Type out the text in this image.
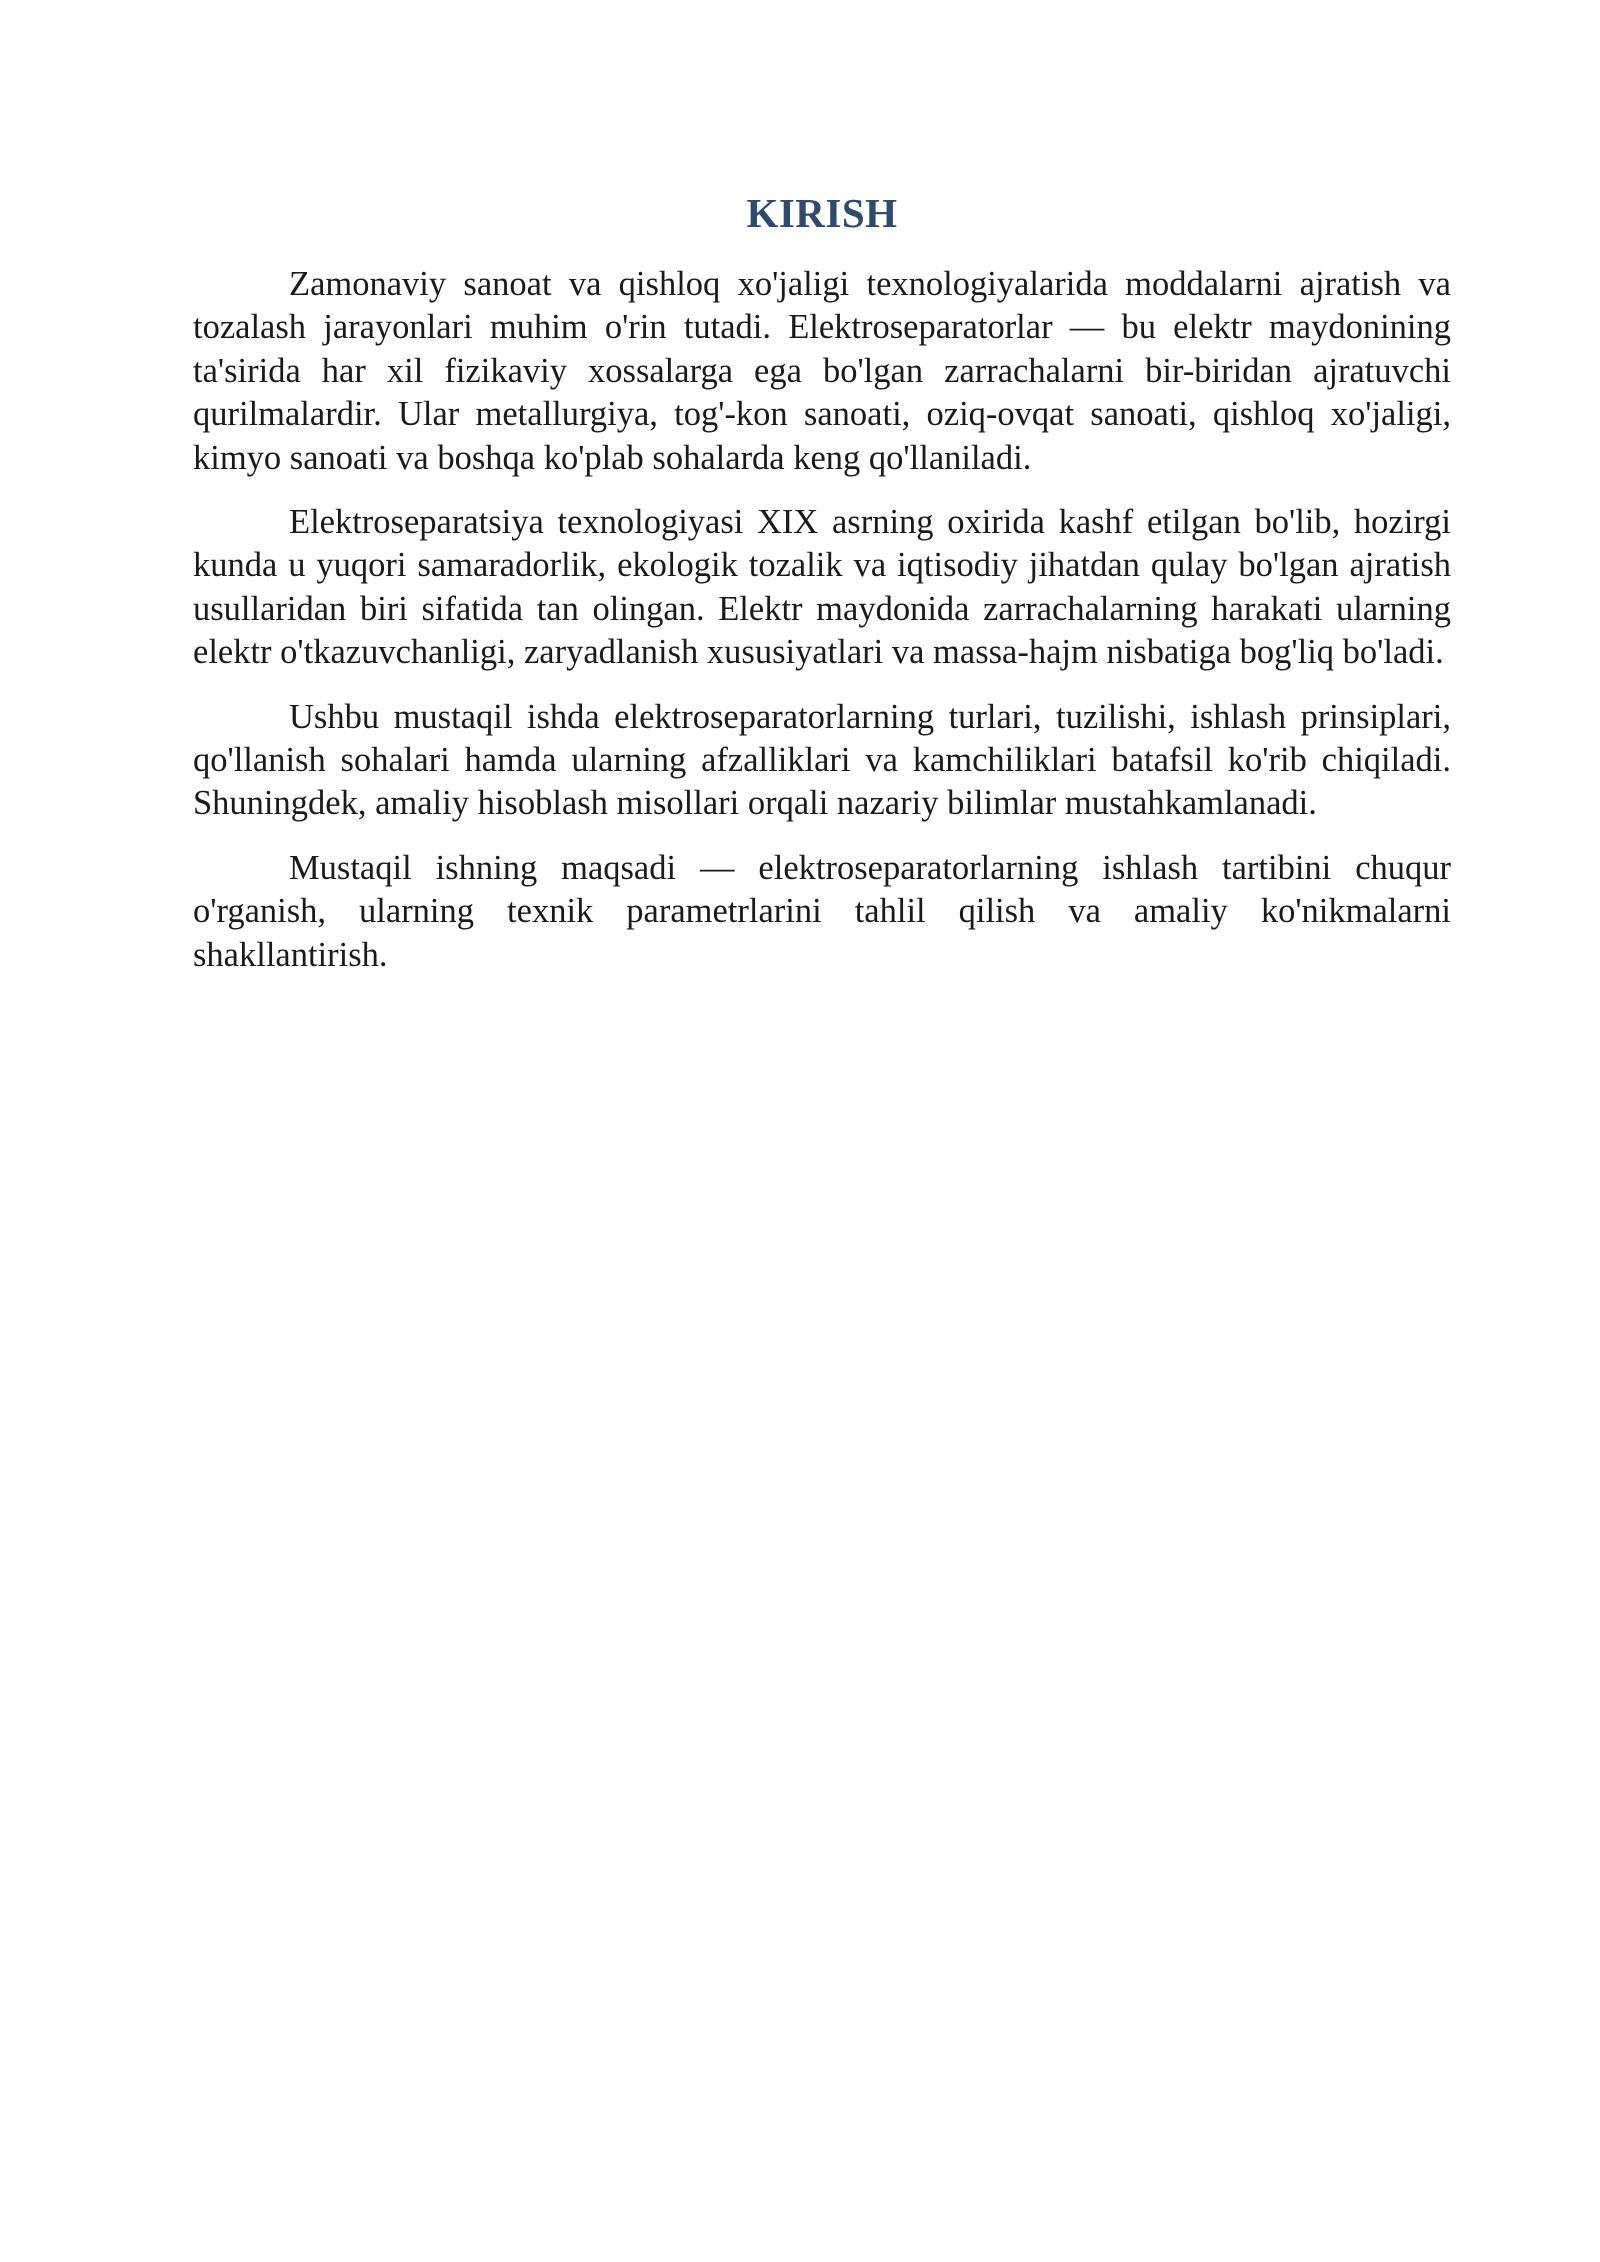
KIRISH

Zamonaviy sanoat va qishloq xo'jaligi texnologiyalarida moddalarni ajratish va tozalash jarayonlari muhim o'rin tutadi. Elektroseparatorlar — bu elektr maydonining ta'sirida har xil fizikaviy xossalarga ega bo'lgan zarrachalarni bir-biridan ajratuvchi qurilmalardir. Ular metallurgiya, tog'-kon sanoati, oziq-ovqat sanoati, qishloq xo'jaligi, kimyo sanoati va boshqa ko'plab sohalarda keng qo'llaniladi.

Elektroseparatsiya texnologiyasi XIX asrning oxirida kashf etilgan bo'lib, hozirgi kunda u yuqori samaradorlik, ekologik tozalik va iqtisodiy jihatdan qulay bo'lgan ajratish usullaridan biri sifatida tan olingan. Elektr maydonida zarrachalarning harakati ularning elektr o'tkazuvchanligi, zaryadlanish xususiyatlari va massa-hajm nisbatiga bog'liq bo'ladi.

Ushbu mustaqil ishda elektroseparatorlarning turlari, tuzilishi, ishlash prinsiplari, qo'llanish sohalari hamda ularning afzalliklari va kamchiliklari batafsil ko'rib chiqiladi. Shuningdek, amaliy hisoblash misollari orqali nazariy bilimlar mustahkamlanadi.

Mustaqil ishning maqsadi — elektroseparatorlarning ishlash tartibini chuqur o'rganish, ularning texnik parametrlarini tahlil qilish va amaliy ko'nikmalarni shakllantirish.
